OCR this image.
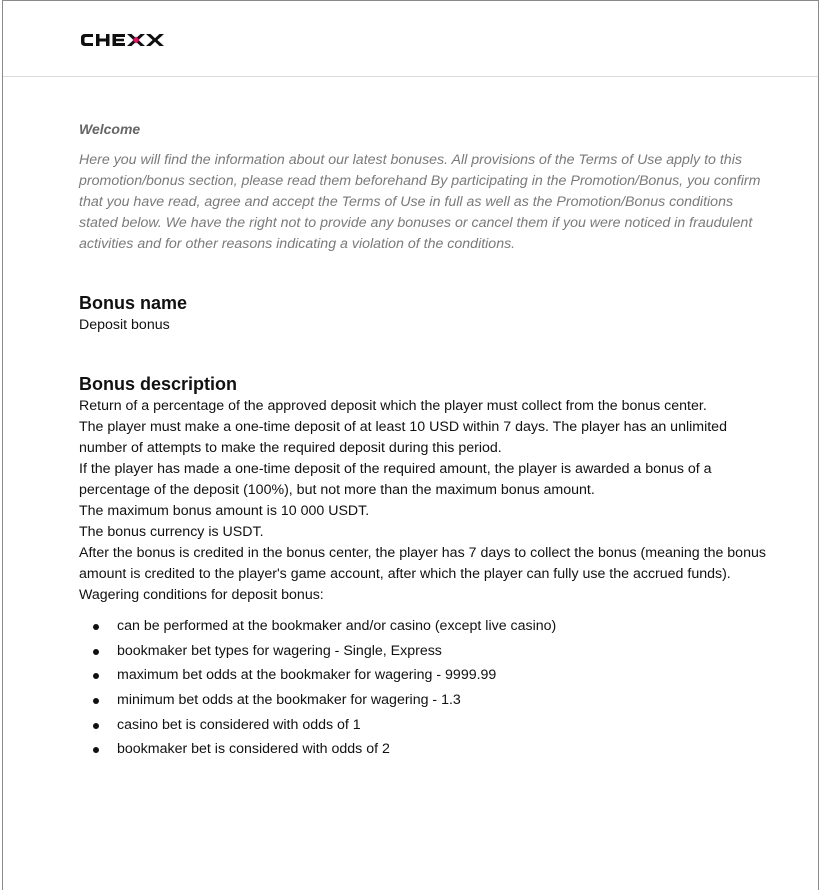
Welcome

Here you will find the information about our latest bonuses. All provisions of the Terms of Use apply to this promotion/bonus section, please read them beforehand By participating in the Promotion/Bonus, you confirm that you have read, agree and accept the Terms of Use in full as well as the Promotion/Bonus conditions stated below. We have the right not to provide any bonuses or cancel them if you were noticed in fraudulent activities and for other reasons indicating a violation of the conditions.

Bonus name

Deposit bonus

Bonus description

Return of a percentage of the approved deposit which the player must collect from the bonus center.

The player must make a one-time deposit of at least 10 USD within 7 days. The player has an unlimited number of attempts to make the required deposit during this period.

If the player has made a one-time deposit of the required amount, the player is awarded a bonus of a percentage of the deposit (100%), but not more than the maximum bonus amount.

The maximum bonus amount is 10 000 USDT.

The bonus currency is USDT.

After the bonus is credited in the bonus center, the player has 7 days to collect the bonus (meaning the bonus amount is credited to the player's game account, after which the player can fully use the accrued funds).

Wagering conditions for deposit bonus:

can be performed at the bookmaker and/or casino (except live casino)
bookmaker bet types for wagering - Single, Express
maximum bet odds at the bookmaker for wagering - 9999.99
minimum bet odds at the bookmaker for wagering - 1.3
casino bet is considered with odds of 1
bookmaker bet is considered with odds of 2
